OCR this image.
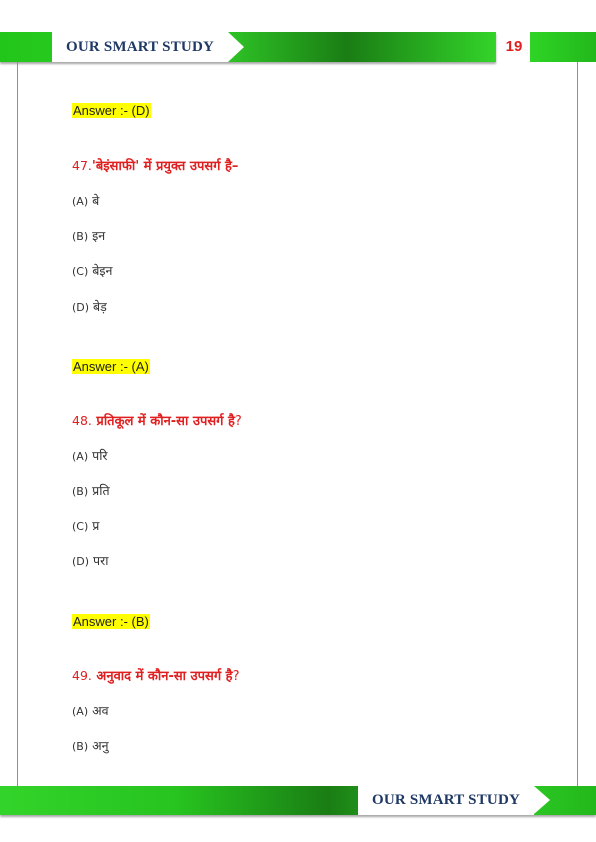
OUR SMART STUDY	19
Answer :- (D)
47.'बेइंसाफी' में प्रयुक्त उपसर्ग है–
(A) बे
(B) इन
(C) बेइन
(D) बेड़
Answer :- (A)
48. प्रतिकूल में कौन-सा उपसर्ग है?
(A) परि
(B) प्रति
(C) प्र
(D) परा
Answer :- (B)
49. अनुवाद में कौन-सा उपसर्ग है?
(A) अव
(B) अनु
OUR SMART STUDY
